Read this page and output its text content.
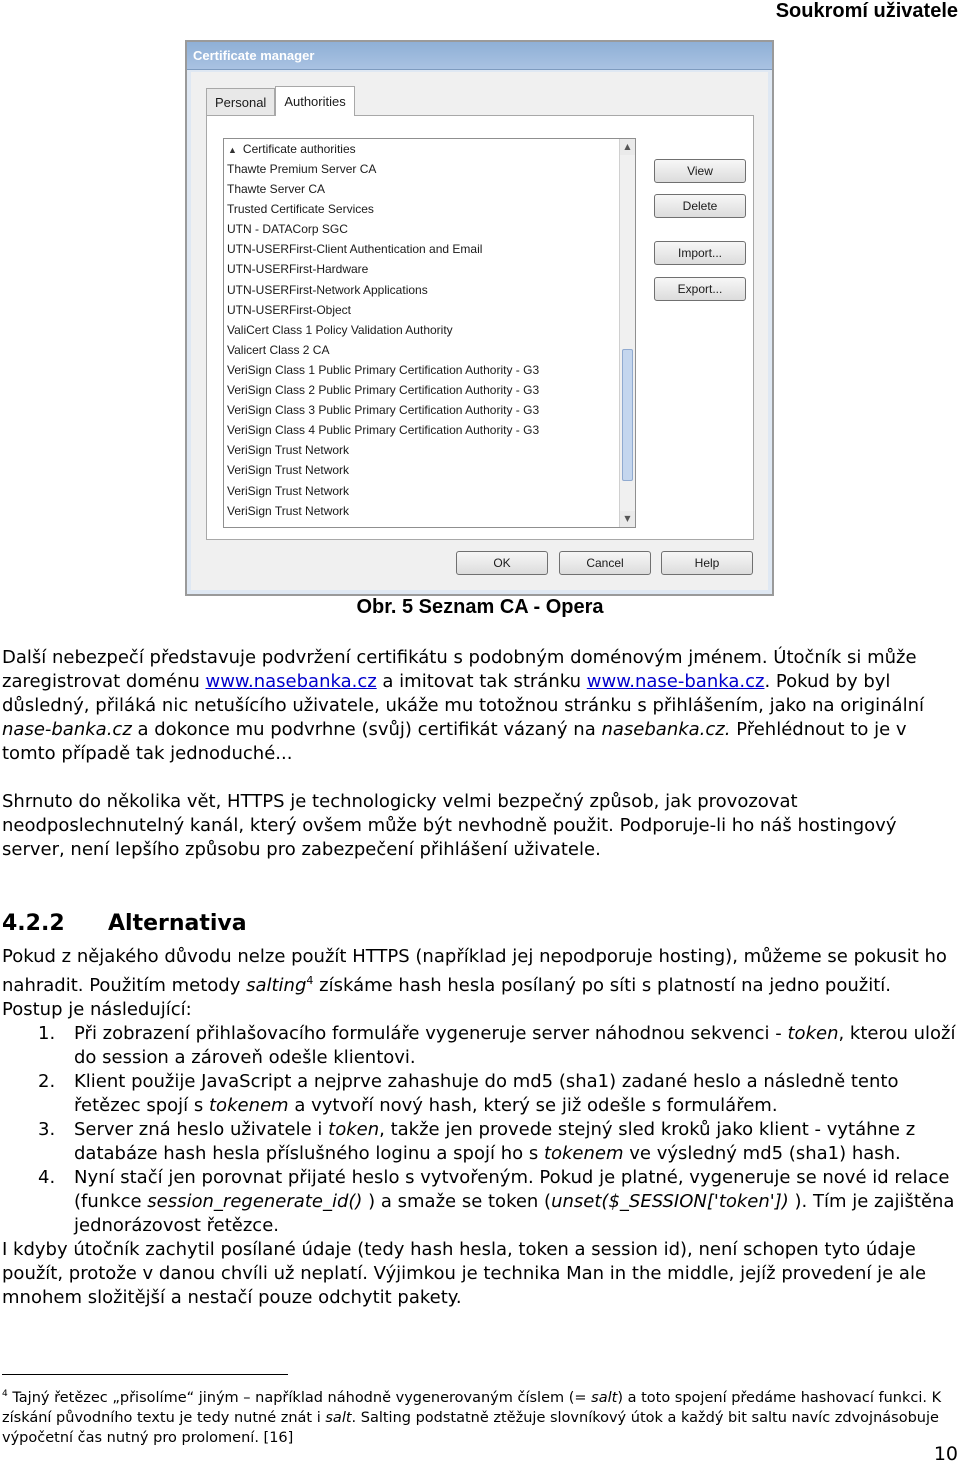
Soukromí uživatele
Certificate manager
Personal	Authorities
▲ Certificate authorities
Thawte Premium Server CA
Thawte Server CA
Trusted Certificate Services
UTN - DATACorp SGC
UTN-USERFirst-Client Authentication and Email
UTN-USERFirst-Hardware
UTN-USERFirst-Network Applications
UTN-USERFirst-Object
ValiCert Class 1 Policy Validation Authority
Valicert Class 2 CA
VeriSign Class 1 Public Primary Certification Authority - G3
VeriSign Class 2 Public Primary Certification Authority - G3
VeriSign Class 3 Public Primary Certification Authority - G3
VeriSign Class 4 Public Primary Certification Authority - G3
VeriSign Trust Network
VeriSign Trust Network
VeriSign Trust Network
VeriSign Trust Network
▲
▼
View
Delete
Import...
Export...
OK	Cancel	Help
Obr. 5 Seznam CA - Opera

Další nebezpečí představuje podvržení certifikátu s podobným doménovým jménem. Útočník si může zaregistrovat doménu www.nasebanka.cz a imitovat tak stránku www.nase-banka.cz. Pokud by byl důsledný, přiláká nic netušícího uživatele, ukáže mu totožnou stránku s přihlášením, jako na originální nase-banka.cz a dokonce mu podvrhne (svůj) certifikát vázaný na nasebanka.cz. Přehlédnout to je v tomto případě tak jednoduché...

Shrnuto do několika vět, HTTPS je technologicky velmi bezpečný způsob, jak provozovat neodposlechnutelný kanál, který ovšem může být nevhodně použit. Podporuje-li ho náš hostingový server, není lepšího způsobu pro zabezpečení přihlášení uživatele.

4.2.2 Alternativa

Pokud z nějakého důvodu nelze použít HTTPS (například jej nepodporuje hosting), můžeme se pokusit ho nahradit. Použitím metody salting$^4$ získáme hash hesla posílaný po síti s platností na jedno použití. Postup je následující:

1. Při zobrazení přihlašovacího formuláře vygeneruje server náhodnou sekvenci - token, kterou uloží do session a zároveň odešle klientovi.
2. Klient použije JavaScript a nejprve zahashuje do md5 (sha1) zadané heslo a následně tento řetězec spojí s tokenem a vytvoří nový hash, který se již odešle s formulářem.
3. Server zná heslo uživatele i token, takže jen provede stejný sled kroků jako klient - vytáhne z databáze hash hesla příslušného loginu a spojí ho s tokenem ve výsledný md5 (sha1) hash.
4. Nyní stačí jen porovnat přijaté heslo s vytvořeným. Pokud je platné, vygeneruje se nové id relace (funkce session_regenerate_id() ) a smaže se token (unset($_SESSION['token']) ). Tím je zajištěna jednorázovost řetězce.

I kdyby útočník zachytil posílané údaje (tedy hash hesla, token a session id), není schopen tyto údaje použít, protože v danou chvíli už neplatí. Výjimkou je technika Man in the middle, jejíž provedení je ale mnohem složitější a nestačí pouze odchytit pakety.

$^4$ Tajný řetězec „přisolíme“ jiným – například náhodně vygenerovaným číslem (= salt) a toto spojení předáme hashovací funkci. K získání původního textu je tedy nutné znát i salt. Salting podstatně ztěžuje slovníkový útok a každý bit saltu navíc zdvojnásobuje výpočetní čas nutný pro prolomení. [16]
10
